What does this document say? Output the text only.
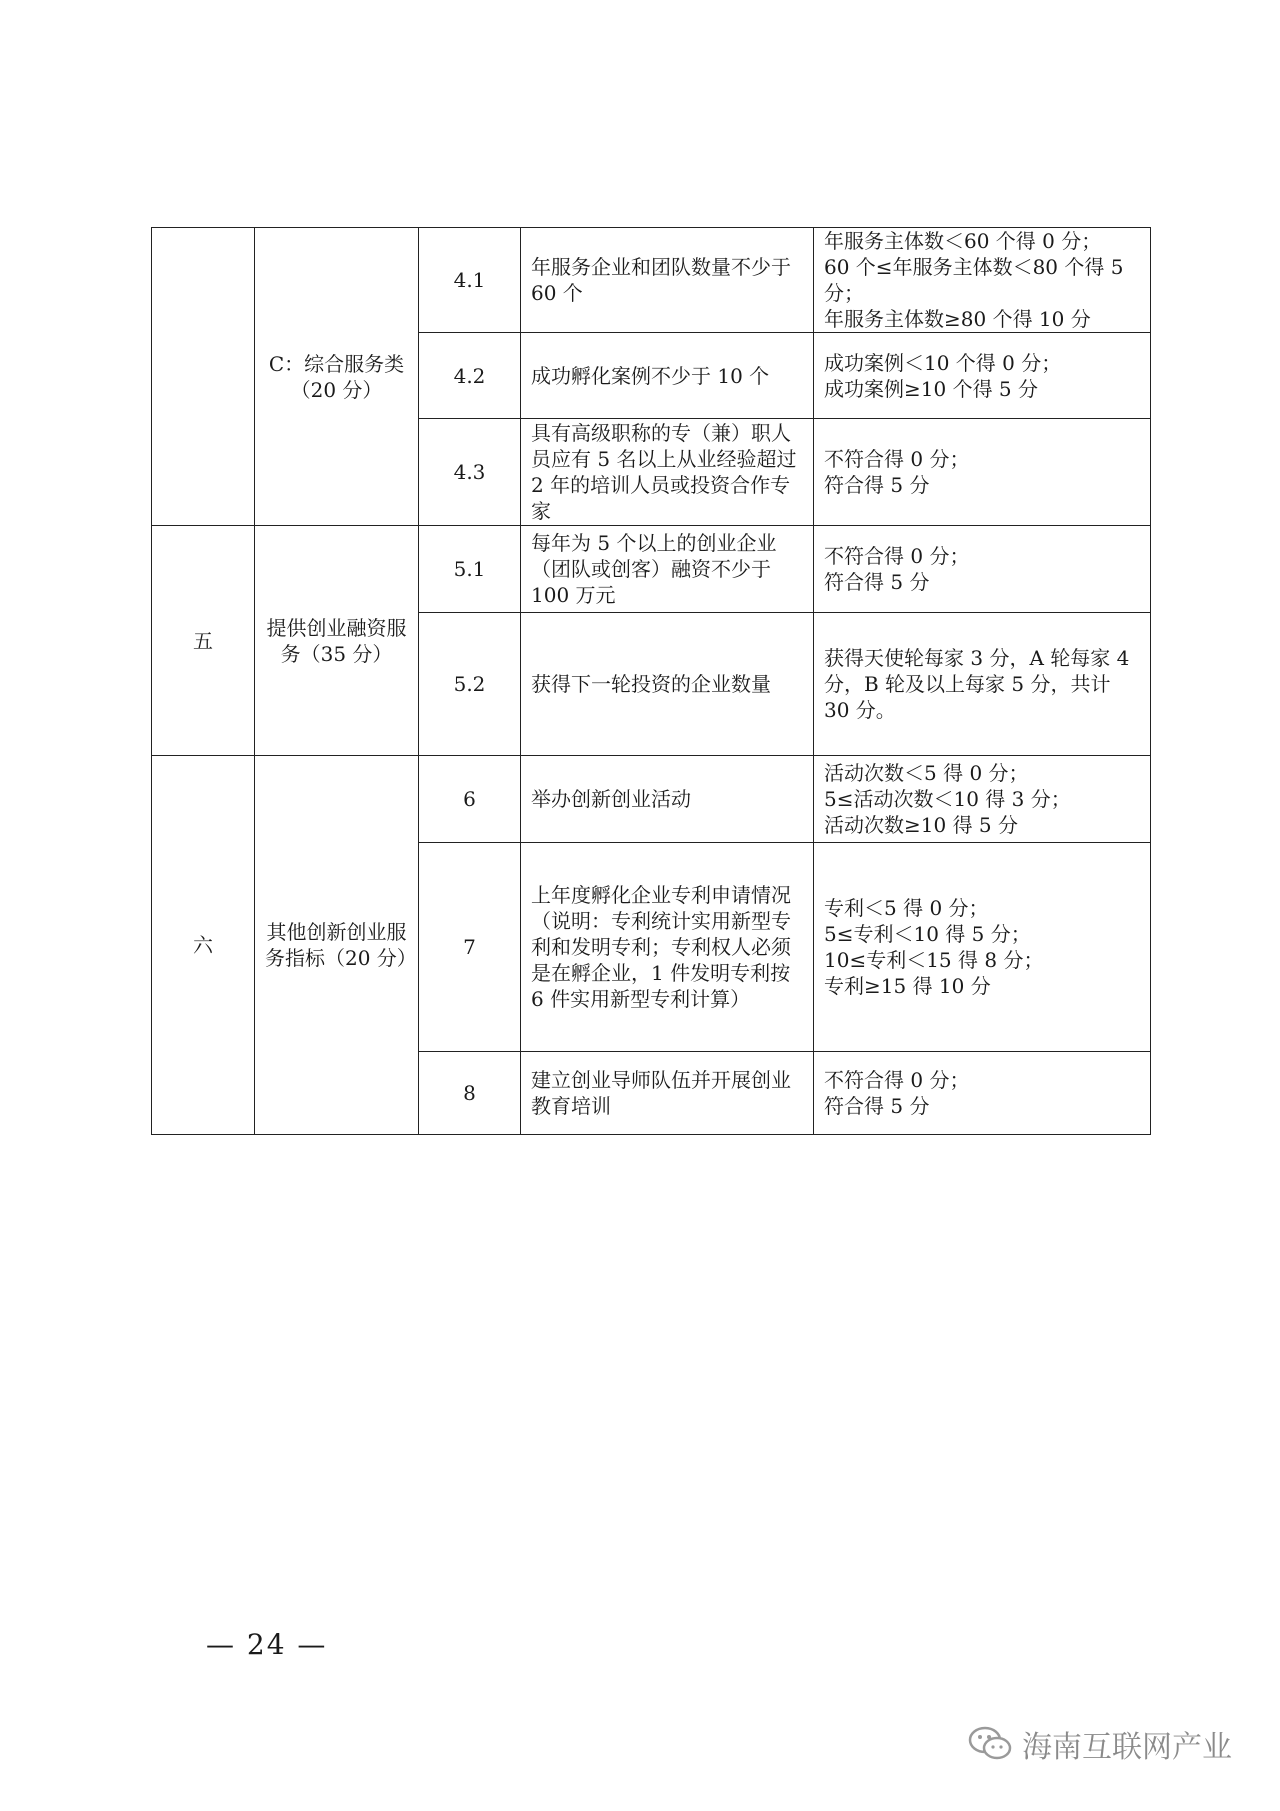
	C：综合服务类（20 分）	4.1	年服务企业和团队数量不少于 60 个	年服务主体数＜60 个得 0 分；
60 个≤年服务主体数＜80 个得 5 分；
年服务主体数≥80 个得 10 分

		4.2	成功孵化案例不少于 10 个	成功案例＜10 个得 0 分；
成功案例≥10 个得 5 分

		4.3	具有高级职称的专（兼）职人员应有 5 名以上从业经验超过 2 年的培训人员或投资合作专家	不符合得 0 分；
符合得 5 分

五	提供创业融资服务（35 分）	5.1	每年为 5 个以上的创业企业（团队或创客）融资不少于 100 万元	不符合得 0 分；
符合得 5 分

		5.2	获得下一轮投资的企业数量	获得天使轮每家 3 分，A 轮每家 4 分，B 轮及以上每家 5 分，共计 30 分。

六	其他创新创业服务指标（20 分）	6	举办创新创业活动	活动次数＜5 得 0 分；
5≤活动次数＜10 得 3 分；
活动次数≥10 得 5 分

		7	上年度孵化企业专利申请情况（说明：专利统计实用新型专利和发明专利；专利权人必须是在孵企业，1 件发明专利按 6 件实用新型专利计算）	专利＜5 得 0 分；
5≤专利＜10 得 5 分；
10≤专利＜15 得 8 分；
专利≥15 得 10 分

		8	建立创业导师队伍并开展创业教育培训	不符合得 0 分；
符合得 5 分
— 24 —
海南互联网产业
